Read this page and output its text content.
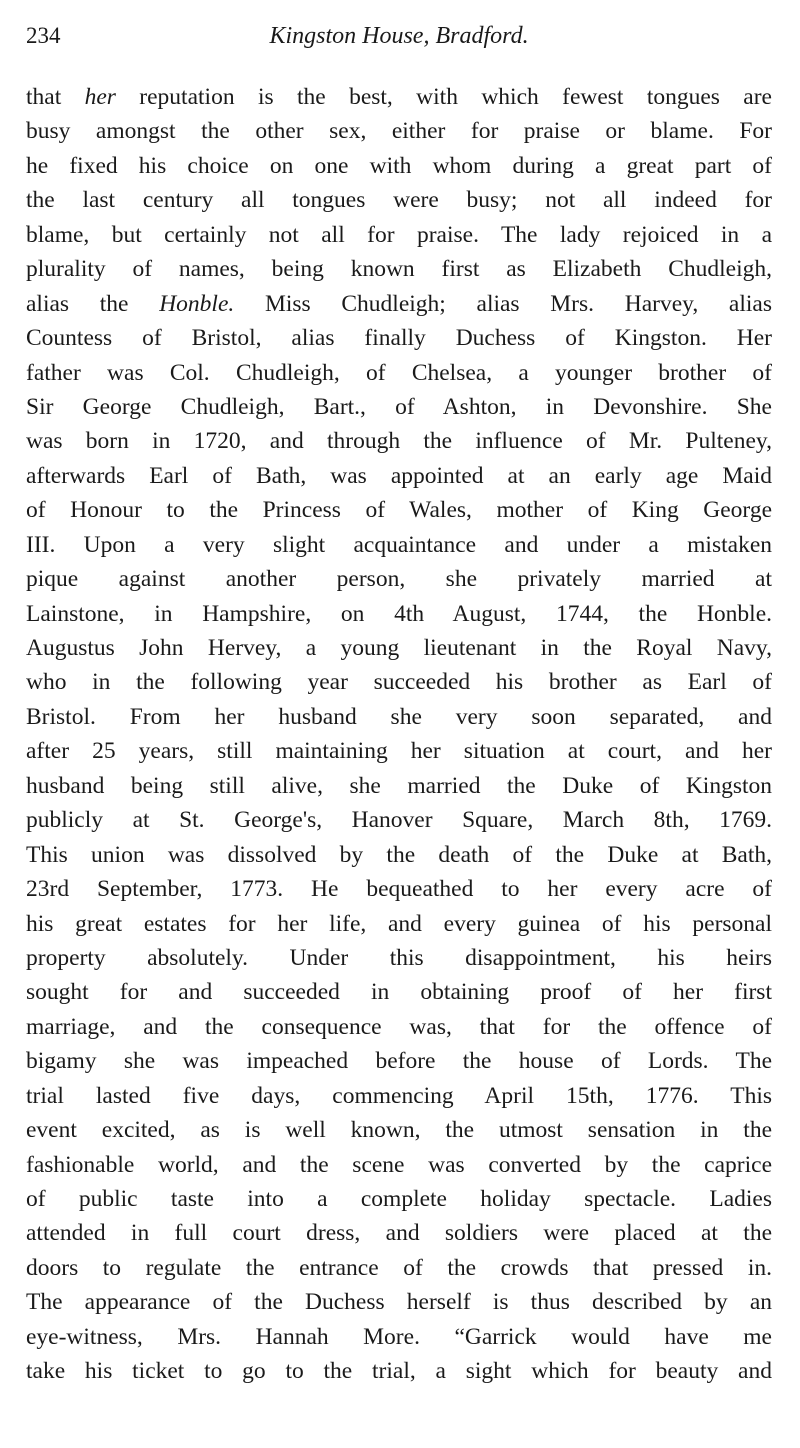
234	Kingston House, Bradford.
that her reputation is the best, with which fewest tongues are
busy amongst the other sex, either for praise or blame. For
he fixed his choice on one with whom during a great part of
the last century all tongues were busy; not all indeed for
blame, but certainly not all for praise. The lady rejoiced in a
plurality of names, being known first as Elizabeth Chudleigh,
alias the Honble. Miss Chudleigh; alias Mrs. Harvey, alias
Countess of Bristol, alias finally Duchess of Kingston. Her
father was Col. Chudleigh, of Chelsea, a younger brother of
Sir George Chudleigh, Bart., of Ashton, in Devonshire. She
was born in 1720, and through the influence of Mr. Pulteney,
afterwards Earl of Bath, was appointed at an early age Maid
of Honour to the Princess of Wales, mother of King George
III. Upon a very slight acquaintance and under a mistaken
pique against another person, she privately married at
Lainstone, in Hampshire, on 4th August, 1744, the Honble.
Augustus John Hervey, a young lieutenant in the Royal Navy,
who in the following year succeeded his brother as Earl of
Bristol. From her husband she very soon separated, and
after 25 years, still maintaining her situation at court, and her
husband being still alive, she married the Duke of Kingston
publicly at St. George's, Hanover Square, March 8th, 1769.
This union was dissolved by the death of the Duke at Bath,
23rd September, 1773. He bequeathed to her every acre of
his great estates for her life, and every guinea of his personal
property absolutely. Under this disappointment, his heirs
sought for and succeeded in obtaining proof of her first
marriage, and the consequence was, that for the offence of
bigamy she was impeached before the house of Lords. The
trial lasted five days, commencing April 15th, 1776. This
event excited, as is well known, the utmost sensation in the
fashionable world, and the scene was converted by the caprice
of public taste into a complete holiday spectacle. Ladies
attended in full court dress, and soldiers were placed at the
doors to regulate the entrance of the crowds that pressed in.
The appearance of the Duchess herself is thus described by an
eye-witness, Mrs. Hannah More. “Garrick would have me
take his ticket to go to the trial, a sight which for beauty and
